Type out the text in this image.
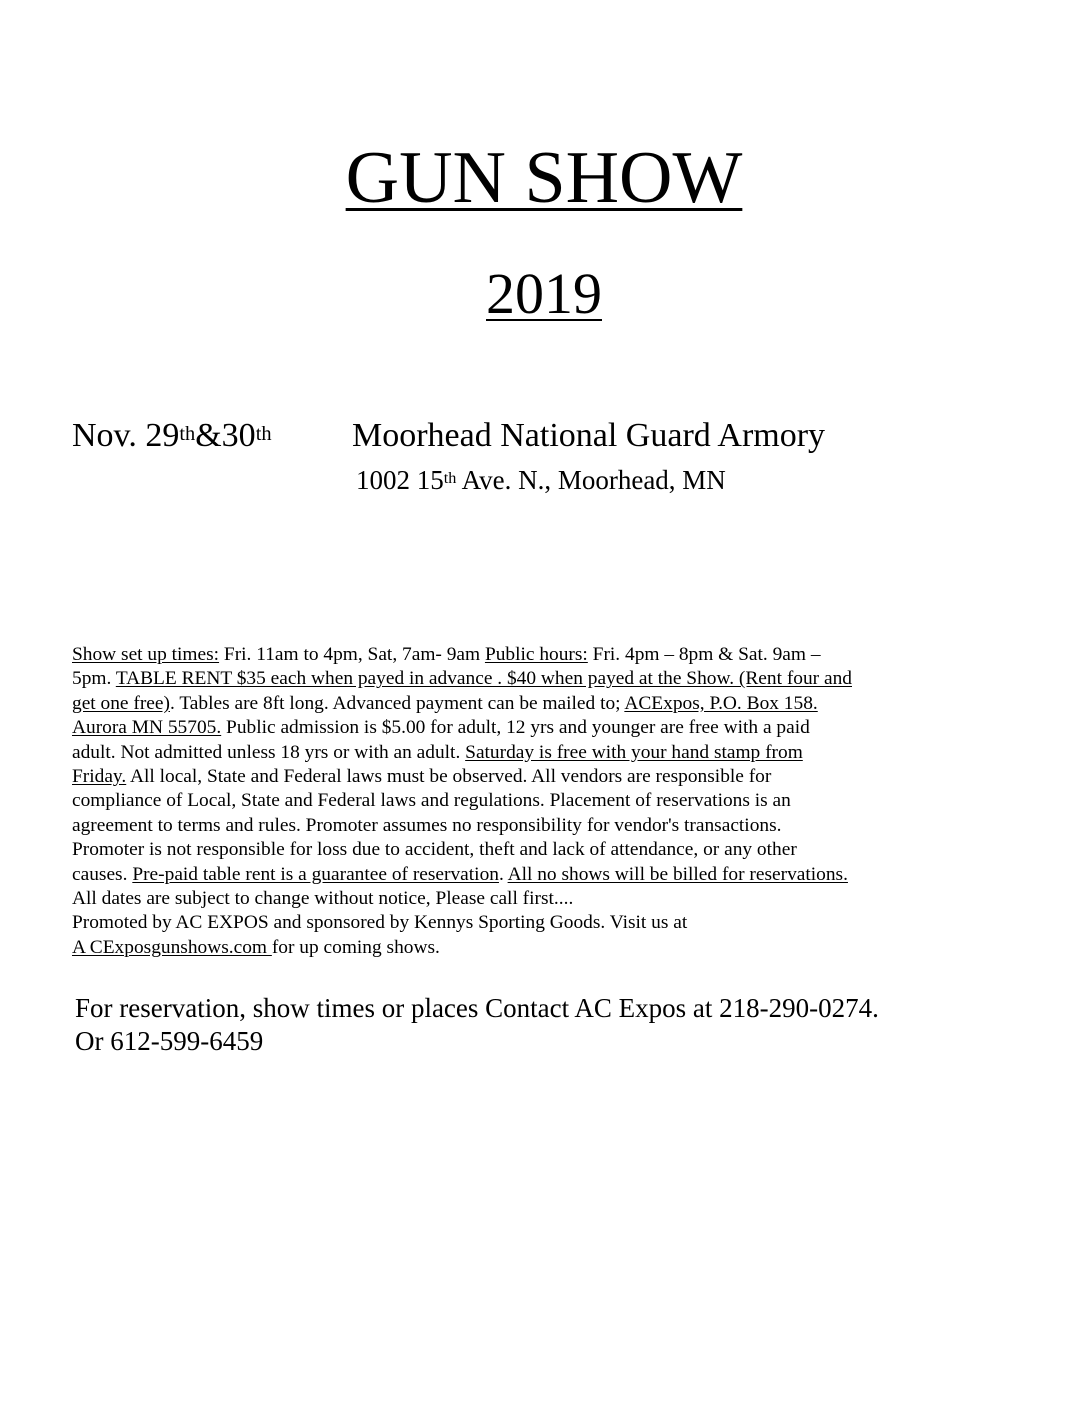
GUN SHOW
2019
Nov. 29th&30th Moorhead National Guard Armory
1002 15th Ave. N., Moorhead, MN
Show set up times: Fri. 11am to 4pm, Sat, 7am- 9am Public hours: Fri. 4pm – 8pm & Sat. 9am –
5pm. TABLE RENT $35 each when payed in advance . $40 when payed at the Show. (Rent four and
get one free). Tables are 8ft long. Advanced payment can be mailed to; ACExpos, P.O. Box 158.
Aurora MN 55705. Public admission is $5.00 for adult, 12 yrs and younger are free with a paid
adult. Not admitted unless 18 yrs or with an adult. Saturday is free with your hand stamp from
Friday. All local, State and Federal laws must be observed. All vendors are responsible for
compliance of Local, State and Federal laws and regulations. Placement of reservations is an
agreement to terms and rules. Promoter assumes no responsibility for vendor's transactions.
Promoter is not responsible for loss due to accident, theft and lack of attendance, or any other
causes. Pre-paid table rent is a guarantee of reservation. All no shows will be billed for reservations.
All dates are subject to change without notice, Please call first....
Promoted by AC EXPOS and sponsored by Kennys Sporting Goods. Visit us at
A CExposgunshows.com for up coming shows.
For reservation, show times or places Contact AC Expos at 218-290-0274.
Or 612-599-6459
